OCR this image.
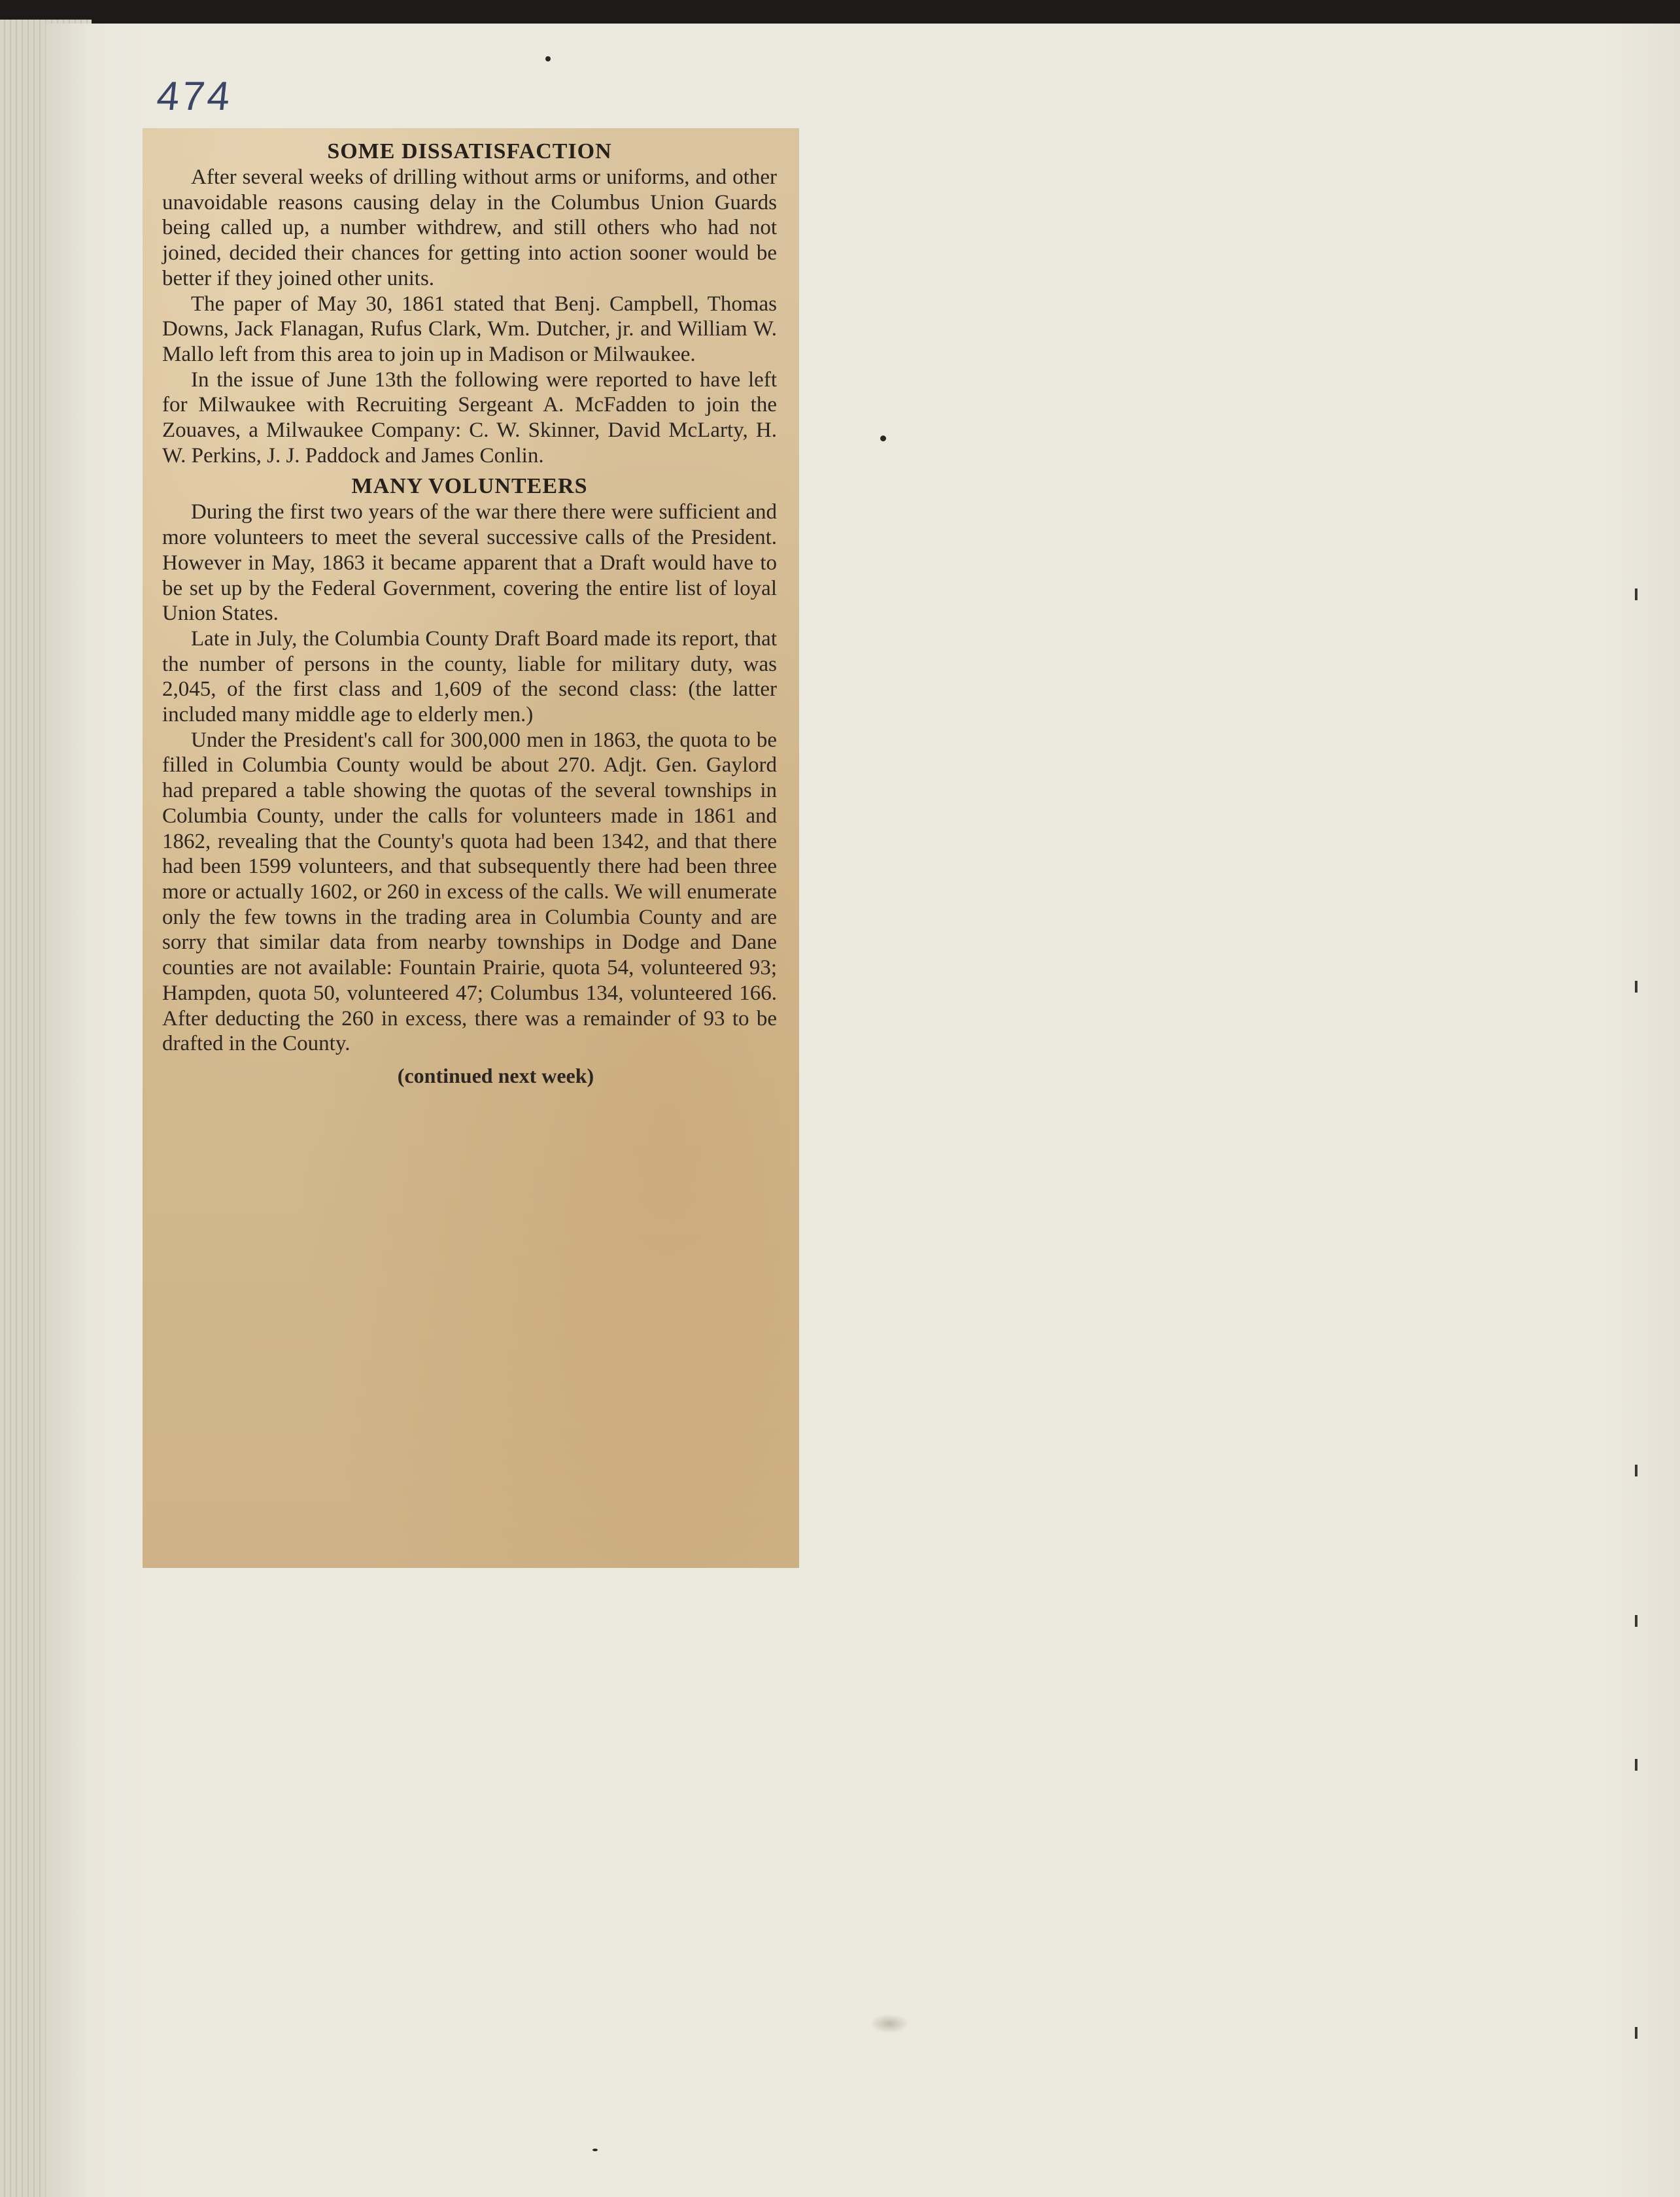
474
SOME DISSATISFACTION

After several weeks of drilling without arms or uniforms, and other unavoidable reasons causing delay in the Columbus Union Guards being called up, a number withdrew, and still others who had not joined, decided their chances for getting into action sooner would be better if they joined other units.

The paper of May 30, 1861 stated that Benj. Campbell, Thomas Downs, Jack Flanagan, Rufus Clark, Wm. Dutcher, jr. and William W. Mallo left from this area to join up in Madison or Milwaukee.

In the issue of June 13th the following were reported to have left for Milwaukee with Recruiting Sergeant A. McFadden to join the Zouaves, a Milwaukee Company: C. W. Skinner, David McLarty, H. W. Perkins, J. J. Paddock and James Conlin.

MANY VOLUNTEERS

During the first two years of the war there there were sufficient and more volunteers to meet the several successive calls of the President. However in May, 1863 it became apparent that a Draft would have to be set up by the Federal Government, covering the entire list of loyal Union States.

Late in July, the Columbia County Draft Board made its report, that the number of persons in the county, liable for military duty, was 2,045, of the first class and 1,609 of the second class: (the latter included many middle age to elderly men.)

Under the President's call for 300,000 men in 1863, the quota to be filled in Columbia County would be about 270. Adjt. Gen. Gaylord had prepared a table showing the quotas of the several townships in Columbia County, under the calls for volunteers made in 1861 and 1862, revealing that the County's quota had been 1342, and that there had been 1599 volunteers, and that subsequently there had been three more or actually 1602, or 260 in excess of the calls. We will enumerate only the few towns in the trading area in Columbia County and are sorry that similar data from nearby townships in Dodge and Dane counties are not available: Fountain Prairie, quota 54, volunteered 93; Hampden, quota 50, volunteered 47; Columbus 134, volunteered 166. After deducting the 260 in excess, there was a remainder of 93 to be drafted in the County.

(continued next week)
